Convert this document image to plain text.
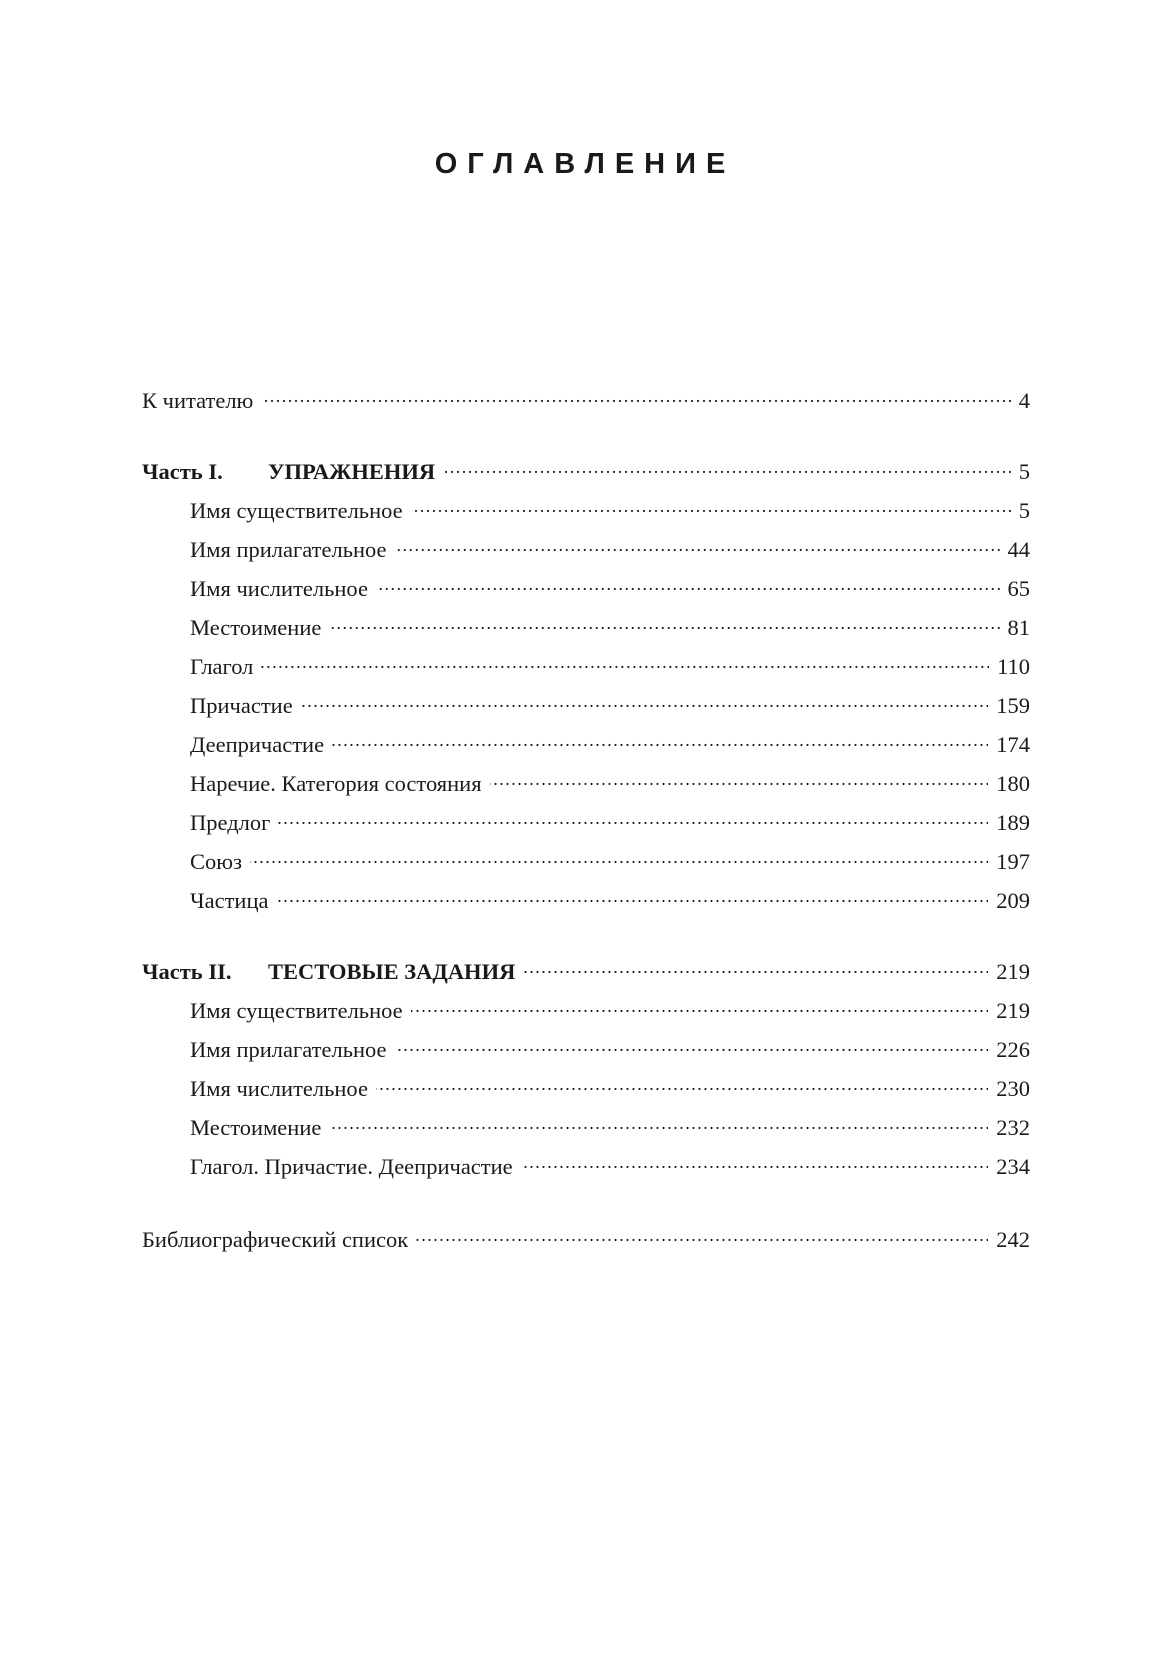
ОГЛАВЛЕНИЕ
К читателю . . .	4
Часть I.	УПРАЖНЕНИЯ . . .	5
Имя существительное . . .	5
Имя прилагательное . . .	44
Имя числительное . . .	65
Местоимение . . .	81
Глагол . . .	110
Причастие . . .	159
Деепричастие . . .	174
Наречие. Категория состояния . . .	180
Предлог . . .	189
Союз . . .	197
Частица . . .	209
Часть II.	ТЕСТОВЫЕ ЗАДАНИЯ . . .	219
Имя существительное . . .	219
Имя прилагательное . . .	226
Имя числительное . . .	230
Местоимение . . .	232
Глагол. Причастие. Деепричастие . . .	234
Библиографический список . . .	242
